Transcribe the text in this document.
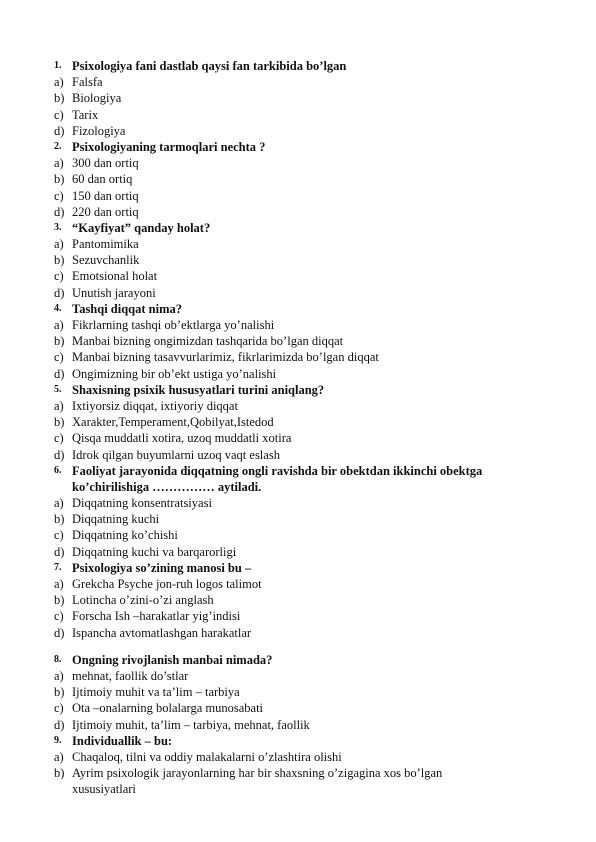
1. Psixologiya fani dastlab qaysi fan tarkibida bo’lgan
a) Falsfa
b) Biologiya
c) Tarix
d) Fizologiya
2. Psixologiyaning tarmoqlari nechta ?
a) 300 dan ortiq
b) 60 dan ortiq
c) 150 dan ortiq
d) 220 dan ortiq
3. “Kayfiyat” qanday holat?
a) Pantomimika
b) Sezuvchanlik
c) Emotsional holat
d) Unutish jarayoni
4. Tashqi diqqat nima?
a) Fikrlarning tashqi ob’ektlarga yo’nalishi
b) Manbai bizning ongimizdan tashqarida bo’lgan diqqat
c) Manbai bizning tasavvurlarimiz, fikrlarimizda bo’lgan diqqat
d) Ongimizning bir ob’ekt ustiga yo’nalishi
5. Shaxisning psixik hususyatlari turini aniqlang?
a) Ixtiyorsiz diqqat, ixtiyoriy diqqat
b) Xarakter,Temperament,Qobilyat,Istedod
c) Qisqa muddatli xotira, uzoq muddatli xotira
d) Idrok qilgan buyumlarni uzoq vaqt eslash
6. Faoliyat jarayonida diqqatning ongli ravishda bir obektdan ikkinchi obektga
ko’chirilishiga …………… aytiladi.
a) Diqqatning konsentratsiyasi
b) Diqqatning kuchi
c) Diqqatning ko’chishi
d) Diqqatning kuchi va barqarorligi
7. Psixologiya so’zining manosi bu –
a) Grekcha Psyche jon-ruh logos talimot
b) Lotincha o’zini-o’zi anglash
c) Forscha Ish –harakatlar yig’indisi
d) Ispancha avtomatlashgan harakatlar
8. Ongning rivojlanish manbai nimada?
a) mehnat, faollik do’stlar
b) Ijtimoiy muhit va ta’lim – tarbiya
c) Ota –onalarning bolalarga munosabati
d) Ijtimoiy muhit, ta’lim – tarbiya, mehnat, faollik
9. Individuallik – bu:
a) Chaqaloq, tilni va oddiy malakalarni o’zlashtira olishi
b) Ayrim psixologik jarayonlarning har bir shaxsning o’zigagina xos bo’lgan
xususiyatlari
